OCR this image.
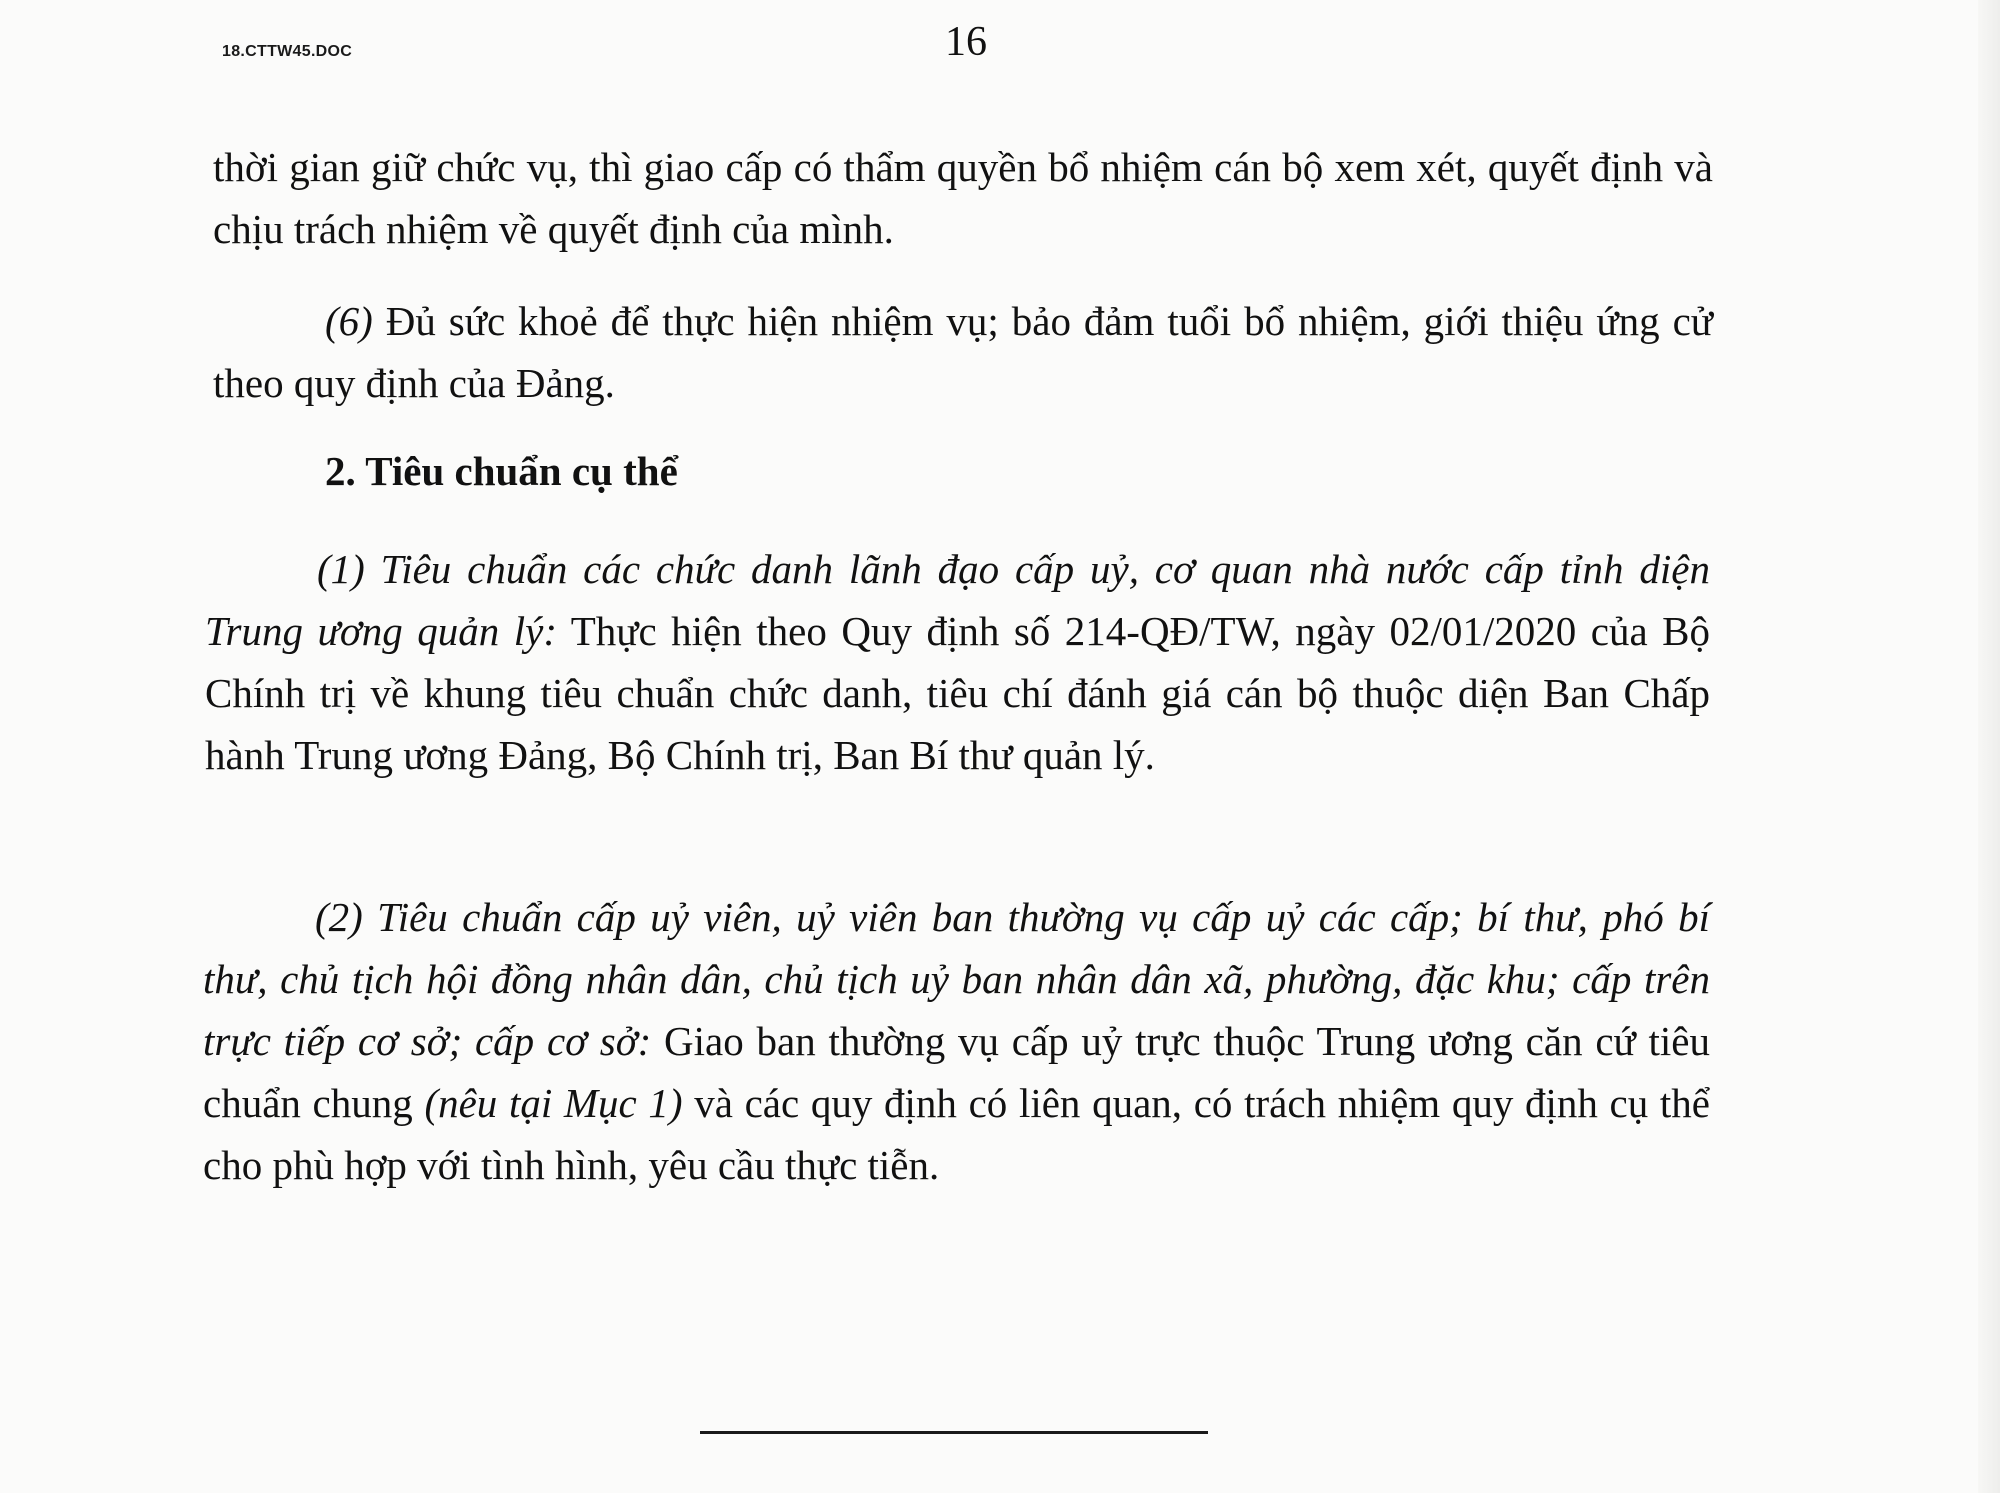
18.CTTW45.DOC	16

thời gian giữ chức vụ, thì giao cấp có thẩm quyền bổ nhiệm cán bộ xem xét, quyết định và chịu trách nhiệm về quyết định của mình.

(6) Đủ sức khoẻ để thực hiện nhiệm vụ; bảo đảm tuổi bổ nhiệm, giới thiệu ứng cử theo quy định của Đảng.

2. Tiêu chuẩn cụ thể

(1) Tiêu chuẩn các chức danh lãnh đạo cấp uỷ, cơ quan nhà nước cấp tỉnh diện Trung ương quản lý: Thực hiện theo Quy định số 214-QĐ/TW, ngày 02/01/2020 của Bộ Chính trị về khung tiêu chuẩn chức danh, tiêu chí đánh giá cán bộ thuộc diện Ban Chấp hành Trung ương Đảng, Bộ Chính trị, Ban Bí thư quản lý.

(2) Tiêu chuẩn cấp uỷ viên, uỷ viên ban thường vụ cấp uỷ các cấp; bí thư, phó bí thư, chủ tịch hội đồng nhân dân, chủ tịch uỷ ban nhân dân xã, phường, đặc khu; cấp trên trực tiếp cơ sở; cấp cơ sở: Giao ban thường vụ cấp uỷ trực thuộc Trung ương căn cứ tiêu chuẩn chung (nêu tại Mục 1) và các quy định có liên quan, có trách nhiệm quy định cụ thể cho phù hợp với tình hình, yêu cầu thực tiễn.
